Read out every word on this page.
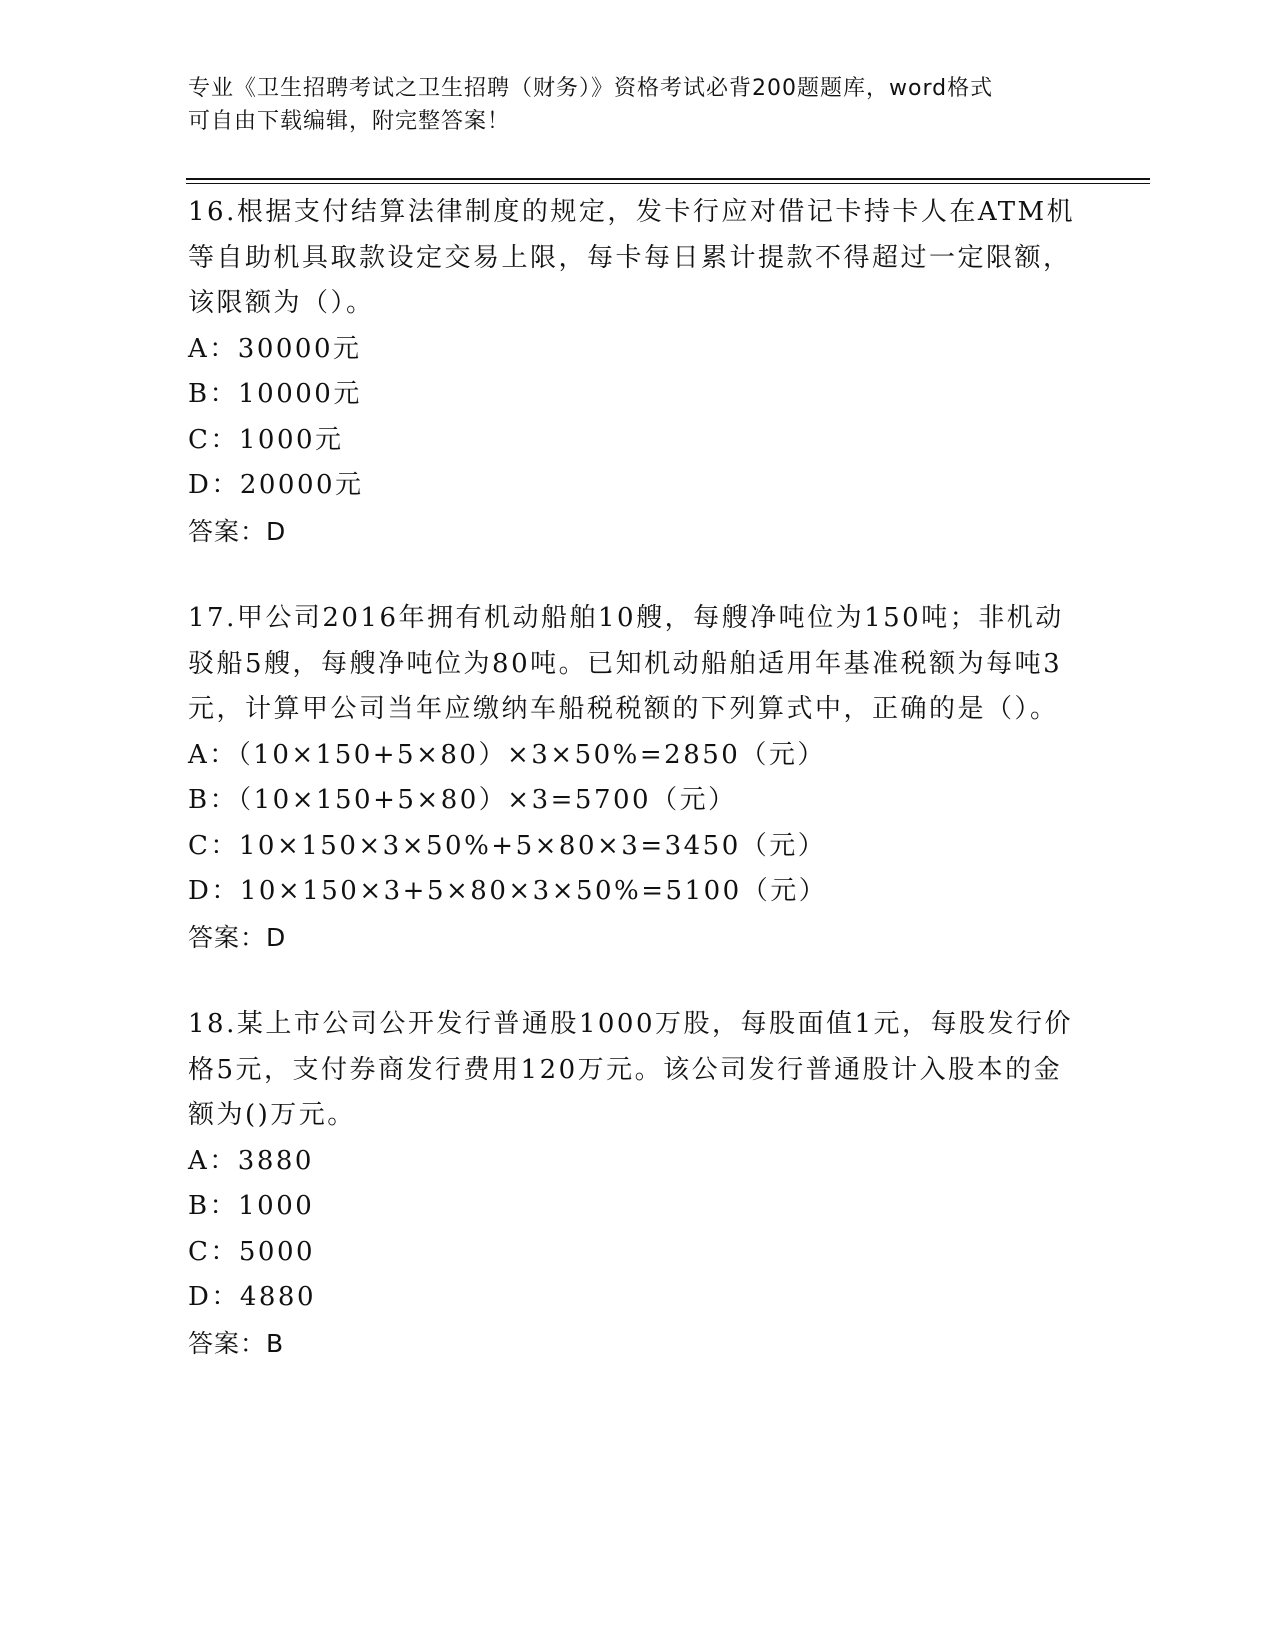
专业《卫生招聘考试之卫生招聘（财务）》资格考试必背200题题库，word格式
可自由下载编辑，附完整答案！
16.根据支付结算法律制度的规定，发卡行应对借记卡持卡人在ATM机等自助机具取款设定交易上限，每卡每日累计提款不得超过一定限额，该限额为（）。
A：30000元
B：10000元
C：1000元
D：20000元
答案：D
17.甲公司2016年拥有机动船舶10艘，每艘净吨位为150吨；非机动驳船5艘，每艘净吨位为80吨。已知机动船舶适用年基准税额为每吨3元，计算甲公司当年应缴纳车船税税额的下列算式中，正确的是（）。
A：（10×150+5×80）×3×50%=2850（元）
B：（10×150+5×80）×3=5700（元）
C：10×150×3×50%+5×80×3=3450（元）
D：10×150×3+5×80×3×50%=5100（元）
答案：D
18.某上市公司公开发行普通股1000万股，每股面值1元，每股发行价格5元，支付券商发行费用120万元。该公司发行普通股计入股本的金额为()万元。
A：3880
B：1000
C：5000
D：4880
答案：B
